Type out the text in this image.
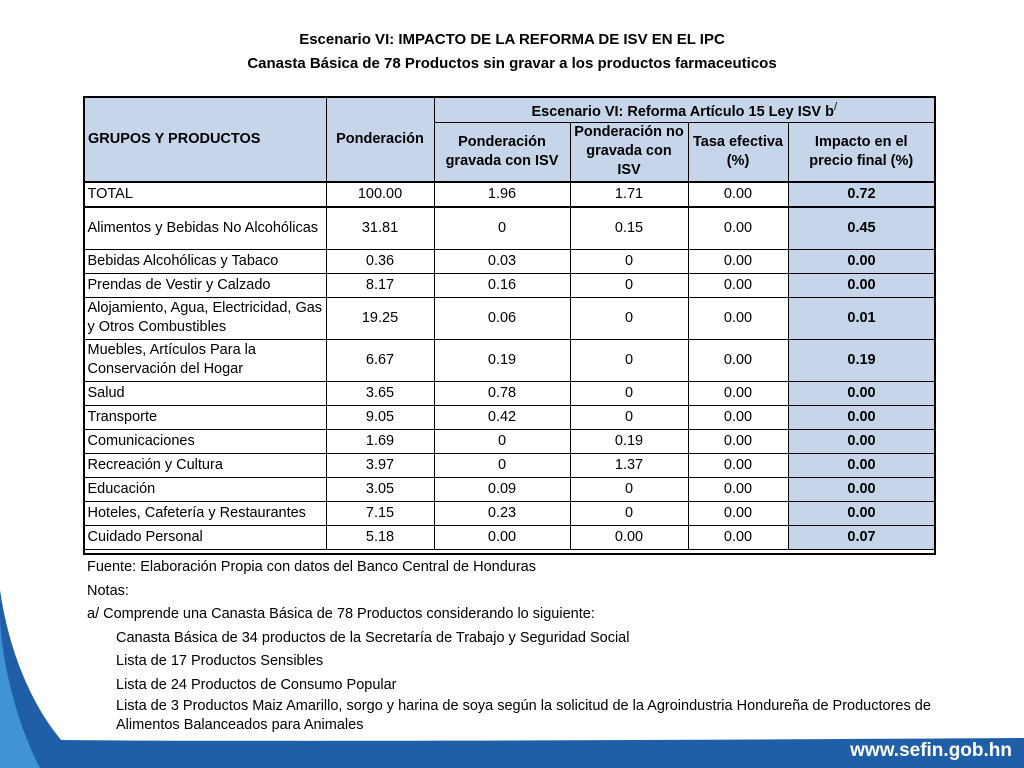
Escenario VI: IMPACTO DE LA REFORMA DE ISV EN EL IPC
Canasta Básica de 78 Productos sin gravar a los productos farmaceuticos
GRUPOS Y PRODUCTOS	Ponderación	Escenario VI: Reforma Artículo 15 Ley ISV b/
		Ponderación gravada con ISV	Ponderación no gravada con ISV	Tasa efectiva (%)	Impacto en el precio final (%)
TOTAL	100.00	1.96	1.71	0.00	0.72
Alimentos y Bebidas No Alcohólicas	31.81	0	0.15	0.00	0.45
Bebidas Alcohólicas y Tabaco	0.36	0.03	0	0.00	0.00
Prendas de Vestir y Calzado	8.17	0.16	0	0.00	0.00
Alojamiento, Agua, Electricidad, Gas y Otros Combustibles	19.25	0.06	0	0.00	0.01
Muebles, Artículos Para la Conservación del Hogar	6.67	0.19	0	0.00	0.19
Salud	3.65	0.78	0	0.00	0.00
Transporte	9.05	0.42	0	0.00	0.00
Comunicaciones	1.69	0	0.19	0.00	0.00
Recreación y Cultura	3.97	0	1.37	0.00	0.00
Educación	3.05	0.09	0	0.00	0.00
Hoteles, Cafetería y Restaurantes	7.15	0.23	0	0.00	0.00
Cuidado Personal	5.18	0.00	0.00	0.00	0.07
Fuente: Elaboración Propia con datos del Banco Central de Honduras
Notas:
a/ Comprende una Canasta Básica de 78 Productos considerando lo siguiente:
Canasta Básica de 34 productos de la Secretaría de Trabajo y Seguridad Social
Lista de 17 Productos Sensibles
Lista de 24 Productos de Consumo Popular
Lista de 3 Productos Maiz Amarillo, sorgo y harina de soya según la solicitud de la Agroindustria Hondureña de Productores de Alimentos Balanceados para Animales
www.sefin.gob.hn
